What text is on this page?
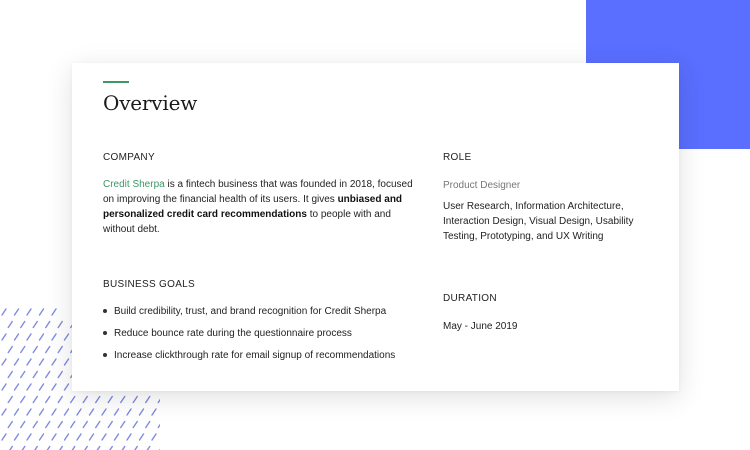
Overview
COMPANY

Credit Sherpa is a fintech business that was founded in 2018, focused on improving the financial health of its users. It gives unbiased and personalized credit card recommendations to people with and without debt.

BUSINESS GOALS
Build credibility, trust, and brand recognition for Credit Sherpa
Reduce bounce rate during the questionnaire process
Increase clickthrough rate for email signup of recommendations
ROLE

Product Designer

User Research, Information Architecture, Interaction Design, Visual Design, Usability Testing, Prototyping, and UX Writing

DURATION

May - June 2019
